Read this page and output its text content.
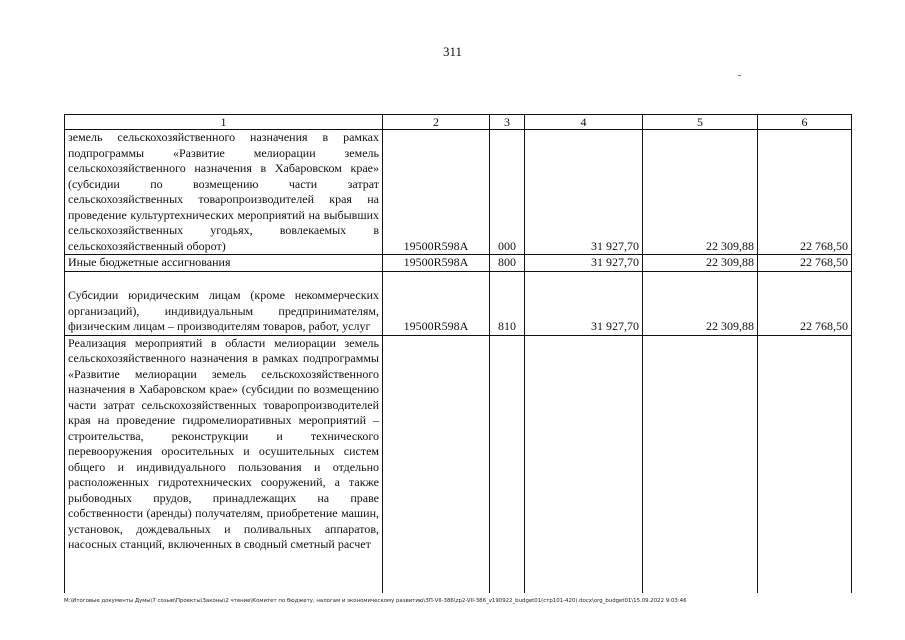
311
1	2	3	4	5	6
земель сельскохозяйственного назначения в рамках подпрограммы «Развитие мелиорации земель сельскохозяйственного назначения в Хабаровском крае» (субсидии по возмещению части затрат сельскохозяйственных товаропроизводителей края на проведение культуртехнических мероприятий на выбывших сельскохозяйственных угодьях, вовлекаемых в сельскохозяйственный оборот)	19500R598A	000	31 927,70	22 309,88	22 768,50
Иные бюджетные ассигнования	19500R598A	800	31 927,70	22 309,88	22 768,50
Субсидии юридическим лицам (кроме некоммерческих организаций), индивидуальным предпринимателям, физическим лицам – производителям товаров, работ, услуг	19500R598A	810	31 927,70	22 309,88	22 768,50
Реализация мероприятий в области мелиорации земель сельскохозяйственного назначения в рамках подпрограммы «Развитие мелиорации земель сельскохозяйственного назначения в Хабаровском крае» (субсидии по возмещению части затрат сельскохозяйственных товаропроизводителей края на проведение гидромелиоративных мероприятий – строительства, реконструкции и технического перевооружения оросительных и осушительных систем общего и индивидуального пользования и отдельно расположенных гидротехнических сооружений, а также рыбоводных прудов, принадлежащих на праве собственности (аренды) получателям, приобретение машин, установок, дождевальных и поливальных аппаратов, насосных станций, включенных в сводный сметный расчет					
M:\Итоговые документы Думы\7 созыв\Проекты\Законы\2 чтение\Комитет по бюджету, налогам и экономическому развитию\ЗП-VII-386\zp2-VII-386_v190922_budget01(стр101-420).docx\org_budget01\15.09.2022 9:03:46
